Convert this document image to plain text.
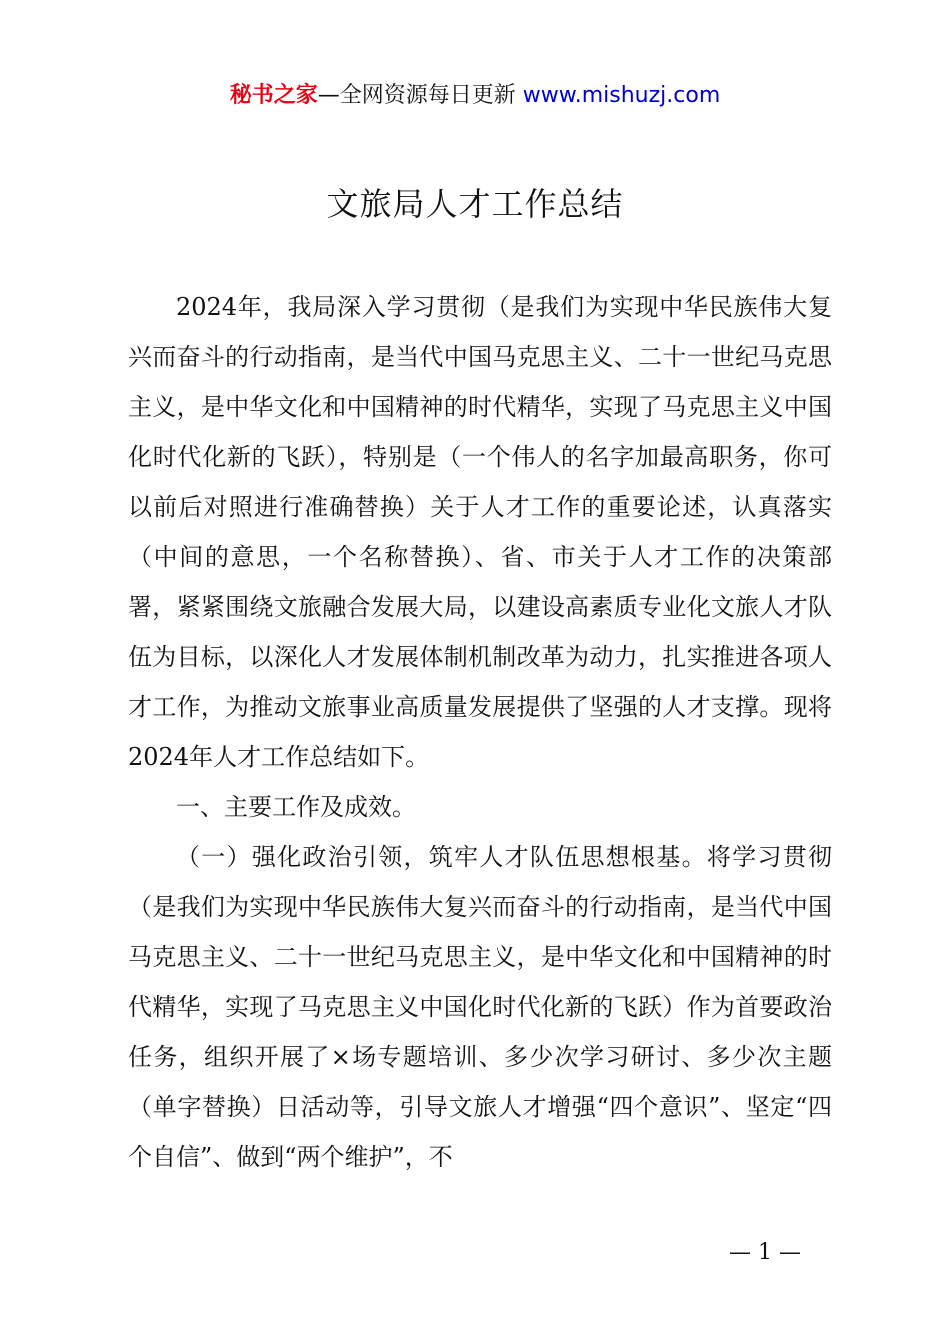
秘书之家—全网资源每日更新 www.mishuzj.com
文旅局人才工作总结

2024年，我局深入学习贯彻（是我们为实现中华民族伟大复兴而奋斗的行动指南，是当代中国马克思主义、二十一世纪马克思主义，是中华文化和中国精神的时代精华，实现了马克思主义中国化时代化新的飞跃），特别是（一个伟人的名字加最高职务，你可以前后对照进行准确替换）关于人才工作的重要论述，认真落实（中间的意思，一个名称替换）、省、市关于人才工作的决策部署，紧紧围绕文旅融合发展大局，以建设高素质专业化文旅人才队伍为目标，以深化人才发展体制机制改革为动力，扎实推进各项人才工作，为推动文旅事业高质量发展提供了坚强的人才支撑。现将2024年人才工作总结如下。

一、主要工作及成效。

（一）强化政治引领，筑牢人才队伍思想根基。将学习贯彻（是我们为实现中华民族伟大复兴而奋斗的行动指南，是当代中国马克思主义、二十一世纪马克思主义，是中华文化和中国精神的时代精华，实现了马克思主义中国化时代化新的飞跃）作为首要政治任务，组织开展了×场专题培训、多少次学习研讨、多少次主题（单字替换）日活动等，引导文旅人才增强“四个意识”、坚定“四个自信”、做到“两个维护”，不

— 1 —
